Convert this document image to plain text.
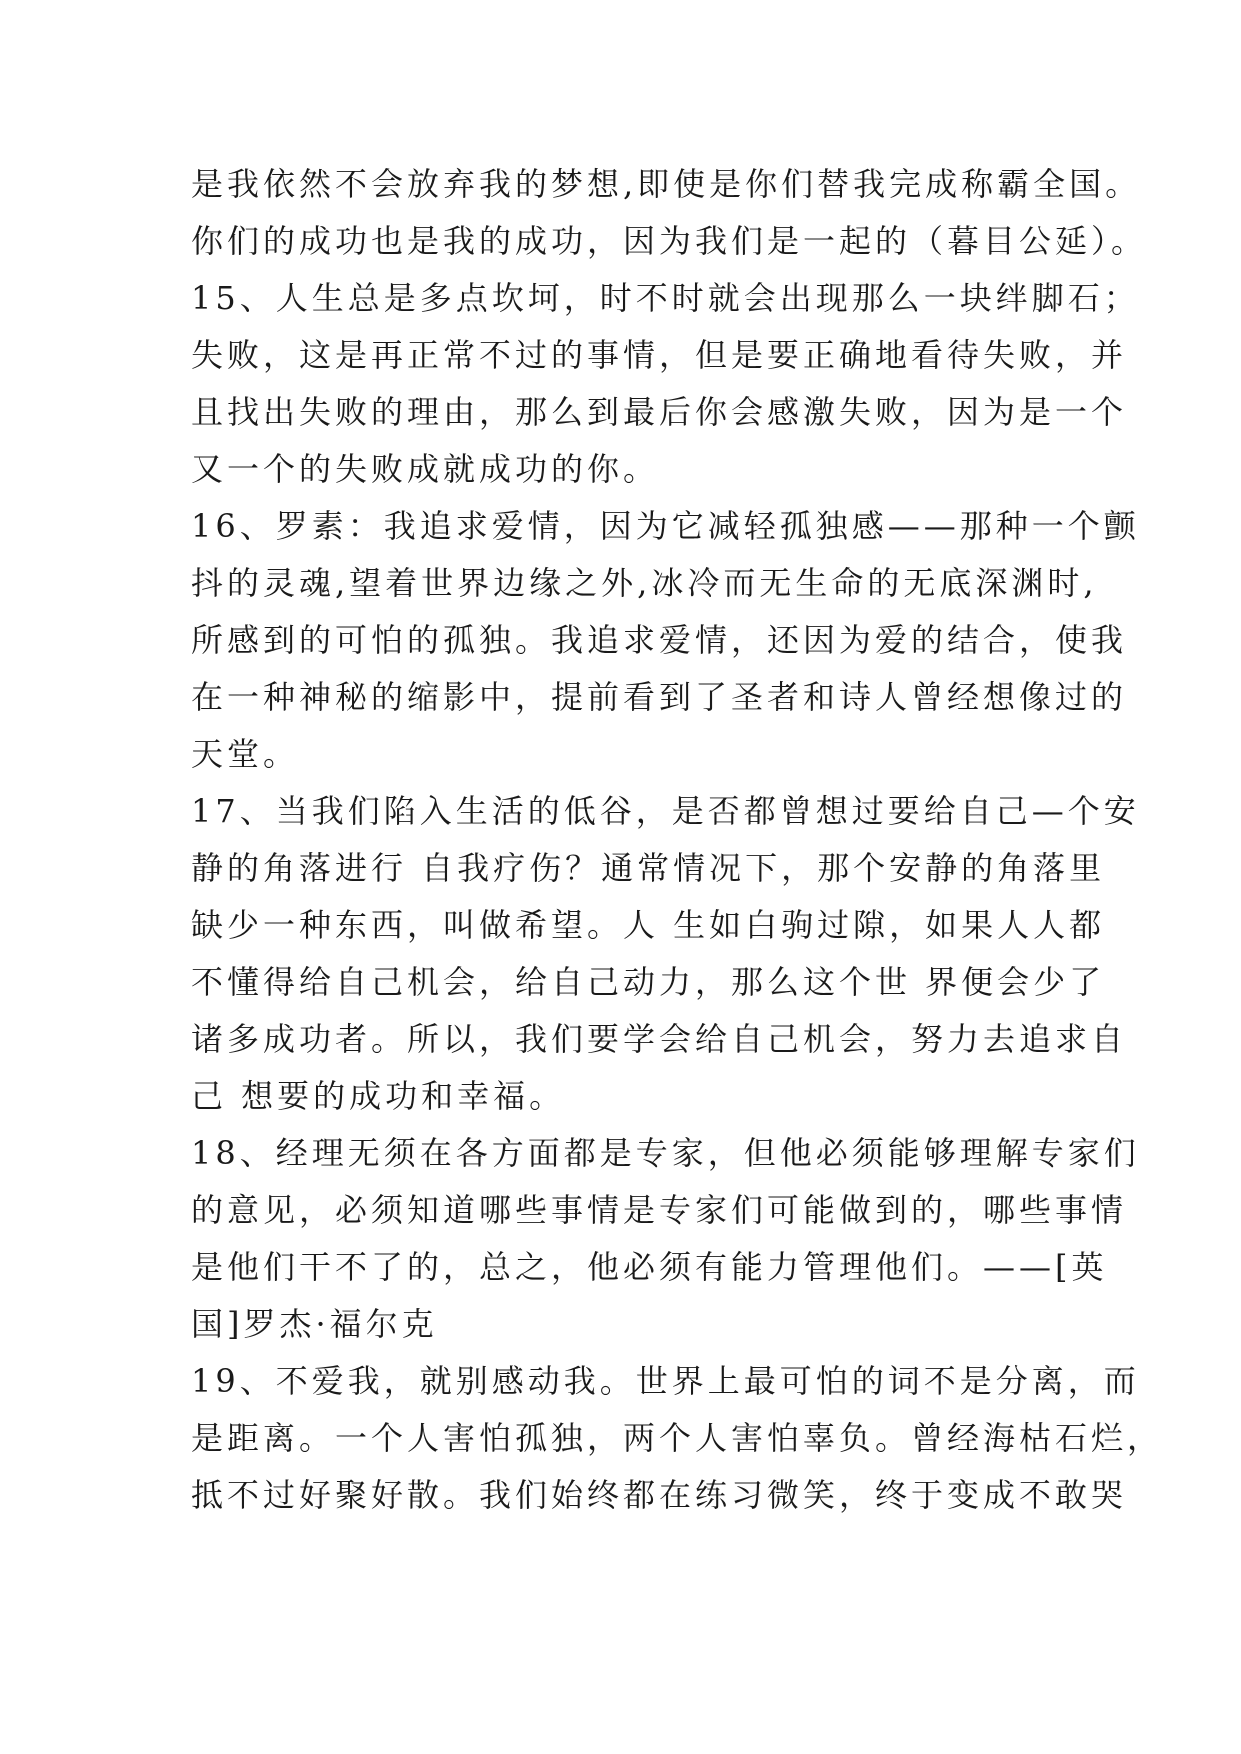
是我依然不会放弃我的梦想,即使是你们替我完成称霸全国。
你们的成功也是我的成功，因为我们是一起的（暮目公延）。
15、人生总是多点坎坷，时不时就会出现那么一块绊脚石；
失败，这是再正常不过的事情，但是要正确地看待失败，并
且找出失败的理由，那么到最后你会感激失败，因为是一个
又一个的失败成就成功的你。
16、罗素：我追求爱情，因为它减轻孤独感——那种一个颤
抖的灵魂,望着世界边缘之外,冰冷而无生命的无底深渊时,
所感到的可怕的孤独。我追求爱情，还因为爱的结合，使我
在一种神秘的缩影中，提前看到了圣者和诗人曾经想像过的
天堂。
17、当我们陷入生活的低谷，是否都曾想过要给自己—个安
静的角落进行 自我疗伤？通常情况下，那个安静的角落里
缺少一种东西，叫做希望。人 生如白驹过隙，如果人人都
不懂得给自己机会，给自己动力，那么这个世 界便会少了
诸多成功者。所以，我们要学会给自己机会，努力去追求自
己 想要的成功和幸福。
18、经理无须在各方面都是专家，但他必须能够理解专家们
的意见，必须知道哪些事情是专家们可能做到的，哪些事情
是他们干不了的，总之，他必须有能力管理他们。——[英
国]罗杰·福尔克
19、不爱我，就别感动我。世界上最可怕的词不是分离，而
是距离。一个人害怕孤独，两个人害怕辜负。曾经海枯石烂，
抵不过好聚好散。我们始终都在练习微笑，终于变成不敢哭
